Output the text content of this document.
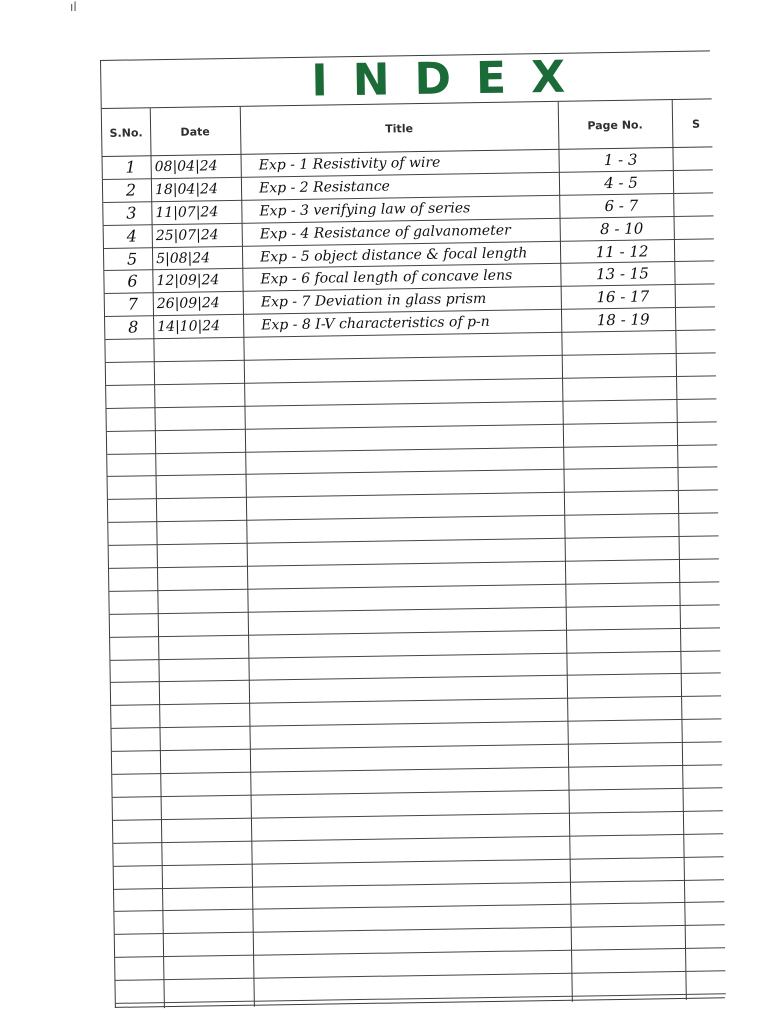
ıl
INDEX
S.No.	Date	Title	Page No.	S
1	08|04|24	Exp - 1 Resistivity of wire	1 - 3
2	18|04|24	Exp - 2 Resistance	4 - 5
3	11|07|24	Exp - 3 verifying law of series	6 - 7
4	25|07|24	Exp - 4 Resistance of galvanometer	8 - 10
5	5|08|24	Exp - 5 object distance & focal length	11 - 12
6	12|09|24	Exp - 6 focal length of concave lens	13 - 15
7	26|09|24	Exp - 7 Deviation in glass prism	16 - 17
8	14|10|24	Exp - 8 I-V characteristics of p-n	18 - 19
